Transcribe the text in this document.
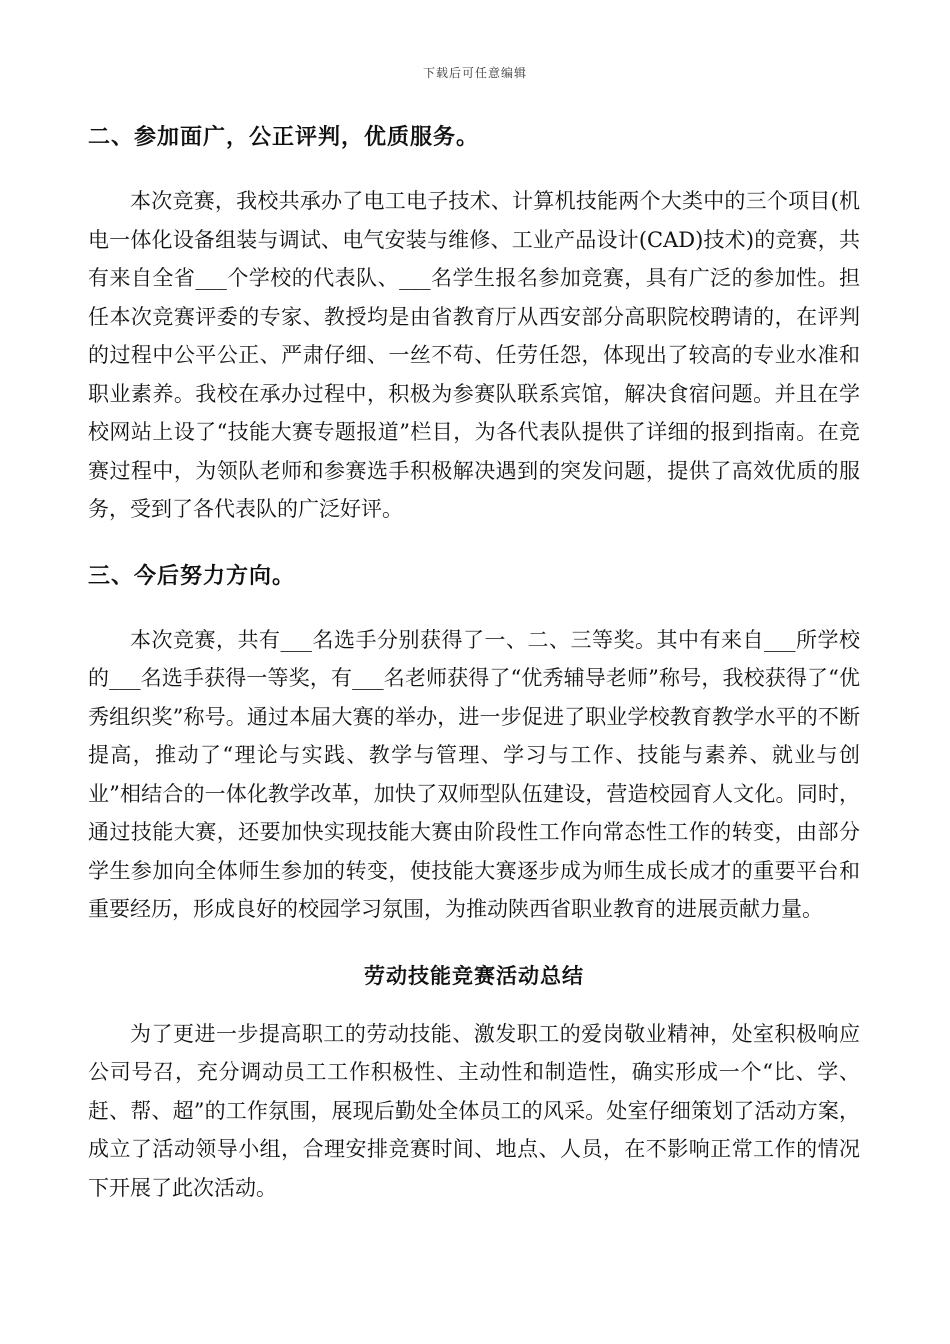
下载后可任意编辑
二、参加面广，公正评判，优质服务。

本次竞赛，我校共承办了电工电子技术、计算机技能两个大类中的三个项目(机电一体化设备组装与调试、电气安装与维修、工业产品设计(CAD)技术)的竞赛，共有来自全省___个学校的代表队、___名学生报名参加竞赛，具有广泛的参加性。担任本次竞赛评委的专家、教授均是由省教育厅从西安部分高职院校聘请的，在评判的过程中公平公正、严肃仔细、一丝不苟、任劳任怨，体现出了较高的专业水准和职业素养。我校在承办过程中，积极为参赛队联系宾馆，解决食宿问题。并且在学校网站上设了“技能大赛专题报道”栏目，为各代表队提供了详细的报到指南。在竞赛过程中，为领队老师和参赛选手积极解决遇到的突发问题，提供了高效优质的服务，受到了各代表队的广泛好评。

三、今后努力方向。

本次竞赛，共有___名选手分别获得了一、二、三等奖。其中有来自___所学校的___名选手获得一等奖，有___名老师获得了“优秀辅导老师”称号，我校获得了“优秀组织奖”称号。通过本届大赛的举办，进一步促进了职业学校教育教学水平的不断提高，推动了“理论与实践、教学与管理、学习与工作、技能与素养、就业与创业”相结合的一体化教学改革，加快了双师型队伍建设，营造校园育人文化。同时，通过技能大赛，还要加快实现技能大赛由阶段性工作向常态性工作的转变，由部分学生参加向全体师生参加的转变，使技能大赛逐步成为师生成长成才的重要平台和重要经历，形成良好的校园学习氛围，为推动陕西省职业教育的进展贡献力量。

劳动技能竞赛活动总结

为了更进一步提高职工的劳动技能、激发职工的爱岗敬业精神，处室积极响应公司号召，充分调动员工工作积极性、主动性和制造性，确实形成一个“比、学、赶、帮、超”的工作氛围，展现后勤处全体员工的风采。处室仔细策划了活动方案，成立了活动领导小组，合理安排竞赛时间、地点、人员，在不影响正常工作的情况下开展了此次活动。
